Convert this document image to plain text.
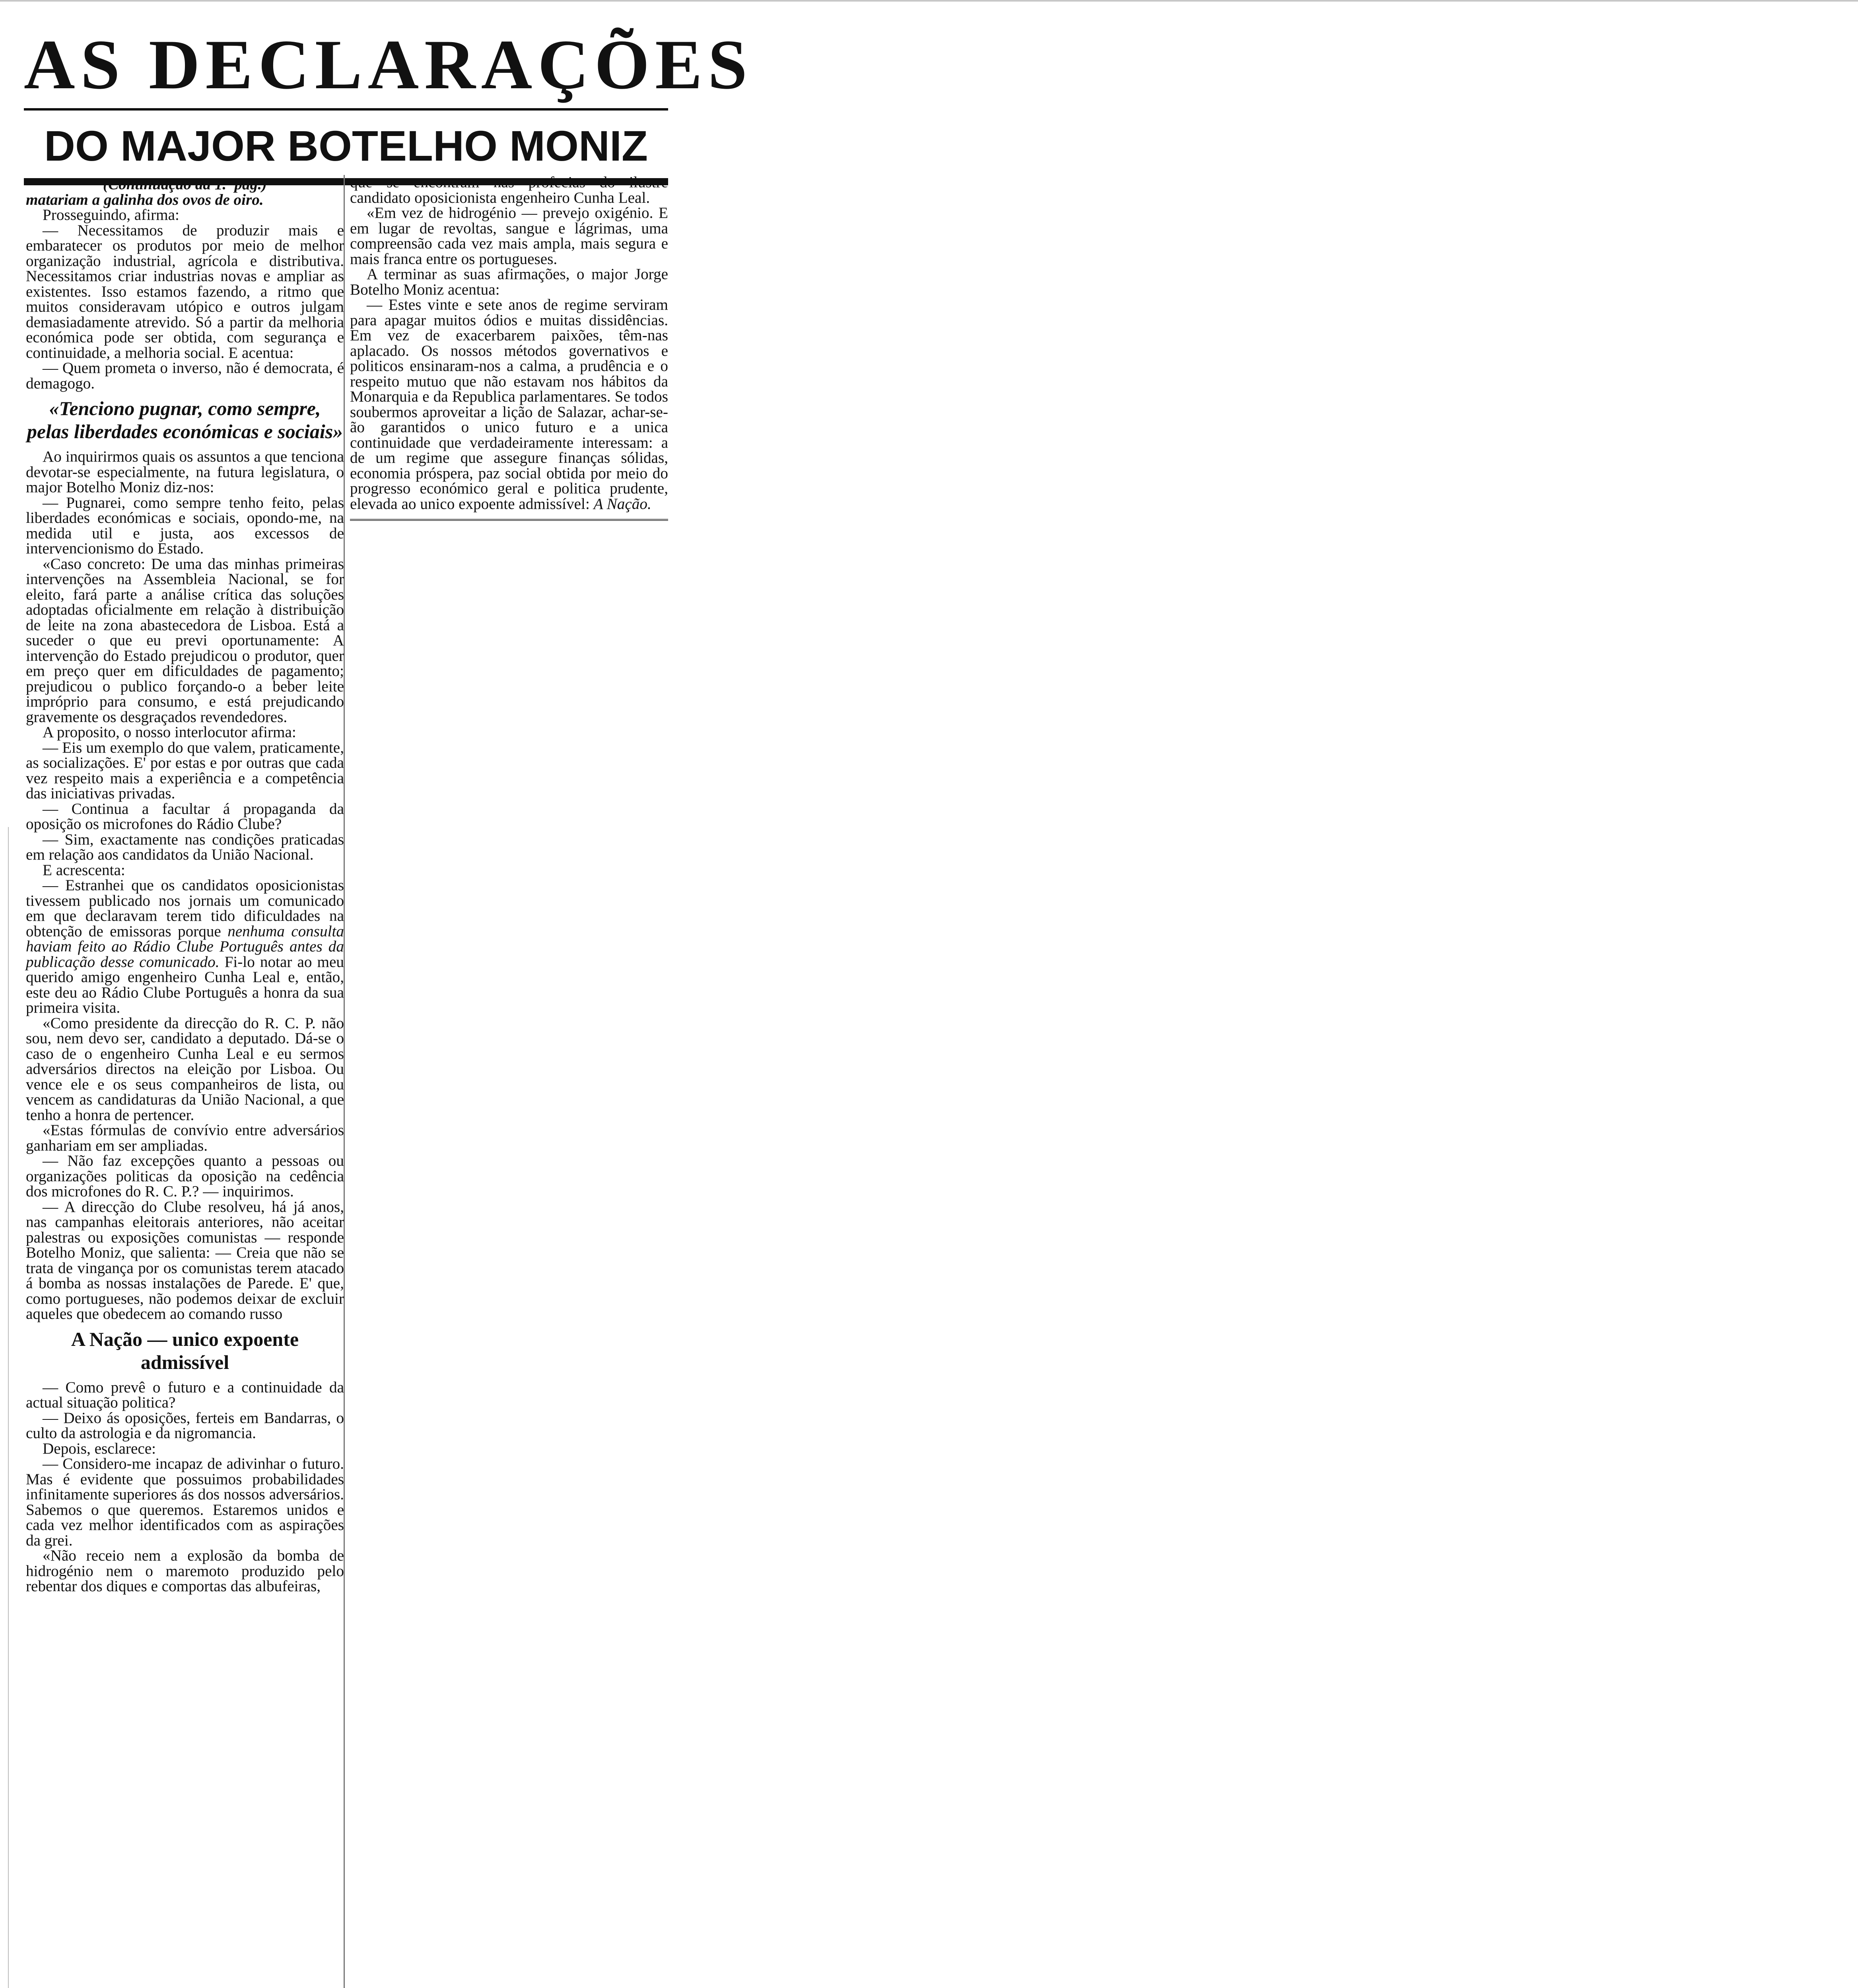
AS DECLARAÇÕES
DO MAJOR BOTELHO MONIZ

(Continuação da 1.ª pág.)

matariam a galinha dos ovos de oiro.

Prosseguindo, afirma:

— Necessitamos de produzir mais e embaratecer os produtos por meio de melhor organização industrial, agrícola e distributiva. Necessitamos criar industrias novas e ampliar as existentes. Isso estamos fazendo, a ritmo que muitos consideravam utópico e outros julgam demasiadamente atrevido. Só a partir da melhoria económica pode ser obtida, com segurança e continuidade, a melhoria social. E acentua:

— Quem prometa o inverso, não é democrata, é demagogo.

«Tenciono pugnar, como sempre, pelas liberdades económicas e sociais»

Ao inquirirmos quais os assuntos a que tenciona devotar-se especialmente, na futura legislatura, o major Botelho Moniz diz-nos:

— Pugnarei, como sempre tenho feito, pelas liberdades económicas e sociais, opondo-me, na medida util e justa, aos excessos de intervencionismo do Estado.

«Caso concreto: De uma das minhas primeiras intervenções na Assembleia Nacional, se for eleito, fará parte a análise crítica das soluções adoptadas oficialmente em relação à distribuição de leite na zona abastecedora de Lisboa. Está a suceder o que eu previ oportunamente: A intervenção do Estado prejudicou o produtor, quer em preço quer em dificuldades de pagamento; prejudicou o publico forçando-o a beber leite impróprio para consumo, e está prejudicando gravemente os desgraçados revendedores.

A proposito, o nosso interlocutor afirma:

— Eis um exemplo do que valem, praticamente, as socializações. E' por estas e por outras que cada vez respeito mais a experiência e a competência das iniciativas privadas.

— Continua a facultar á propaganda da oposição os microfones do Rádio Clube?

— Sim, exactamente nas condições praticadas em relação aos candidatos da União Nacional.

E acrescenta:

— Estranhei que os candidatos oposicionistas tivessem publicado nos jornais um comunicado em que declaravam terem tido dificuldades na obtenção de emissoras porque nenhuma consulta haviam feito ao Rádio Clube Português antes da publicação desse comunicado. Fi-lo notar ao meu querido amigo engenheiro Cunha Leal e, então, este deu ao Rádio Clube Português a honra da sua primeira visita.

«Como presidente da direcção do R. C. P. não sou, nem devo ser, candidato a deputado. Dá-se o caso de o engenheiro Cunha Leal e eu sermos adversários directos na eleição por Lisboa. Ou vence ele e os seus companheiros de lista, ou vencem as candidaturas da União Nacional, a que tenho a honra de pertencer.

«Estas fórmulas de convívio entre adversários ganhariam em ser ampliadas.

— Não faz excepções quanto a pessoas ou organizações politicas da oposição na cedência dos microfones do R. C. P.? — inquirimos.

— A direcção do Clube resolveu, há já anos, nas campanhas eleitorais anteriores, não aceitar palestras ou exposições comunistas — responde Botelho Moniz, que salienta: — Creia que não se trata de vingança por os comunistas terem atacado á bomba as nossas instalações de Parede. E' que, como portugueses, não podemos deixar de excluir aqueles que obedecem ao comando russo

A Nação — unico expoente admissível

— Como prevê o futuro e a continuidade da actual situação politica?

— Deixo ás oposições, ferteis em Bandarras, o culto da astrologia e da nigromancia.

Depois, esclarece:

— Considero-me incapaz de adivinhar o futuro. Mas é evidente que possuimos probabilidades infinitamente superiores ás dos nossos adversários. Sabemos o que queremos. Estaremos unidos e cada vez melhor identificados com as aspirações da grei.

«Não receio nem a explosão da bomba de hidrogénio nem o maremoto produzido pelo rebentar dos diques e comportas das albufeiras,

que se encontram nas profecias do ilustre candidato oposicionista engenheiro Cunha Leal.

«Em vez de hidrogénio — prevejo oxigénio. E em lugar de revoltas, sangue e lágrimas, uma compreensão cada vez mais ampla, mais segura e mais franca entre os portugueses.

A terminar as suas afirmações, o major Jorge Botelho Moniz acentua:

— Estes vinte e sete anos de regime serviram para apagar muitos ódios e muitas dissidências. Em vez de exacerbarem paixões, têm-nas aplacado. Os nossos métodos governativos e politicos ensinaram-nos a calma, a prudência e o respeito mutuo que não estavam nos hábitos da Monarquia e da Republica parlamentares. Se todos soubermos aproveitar a lição de Salazar, achar-se-ão garantidos o unico futuro e a unica continuidade que verdadeiramente interessam: a de um regime que assegure finanças sólidas, economia próspera, paz social obtida por meio do progresso económico geral e politica prudente, elevada ao unico expoente admissível: A Nação.
